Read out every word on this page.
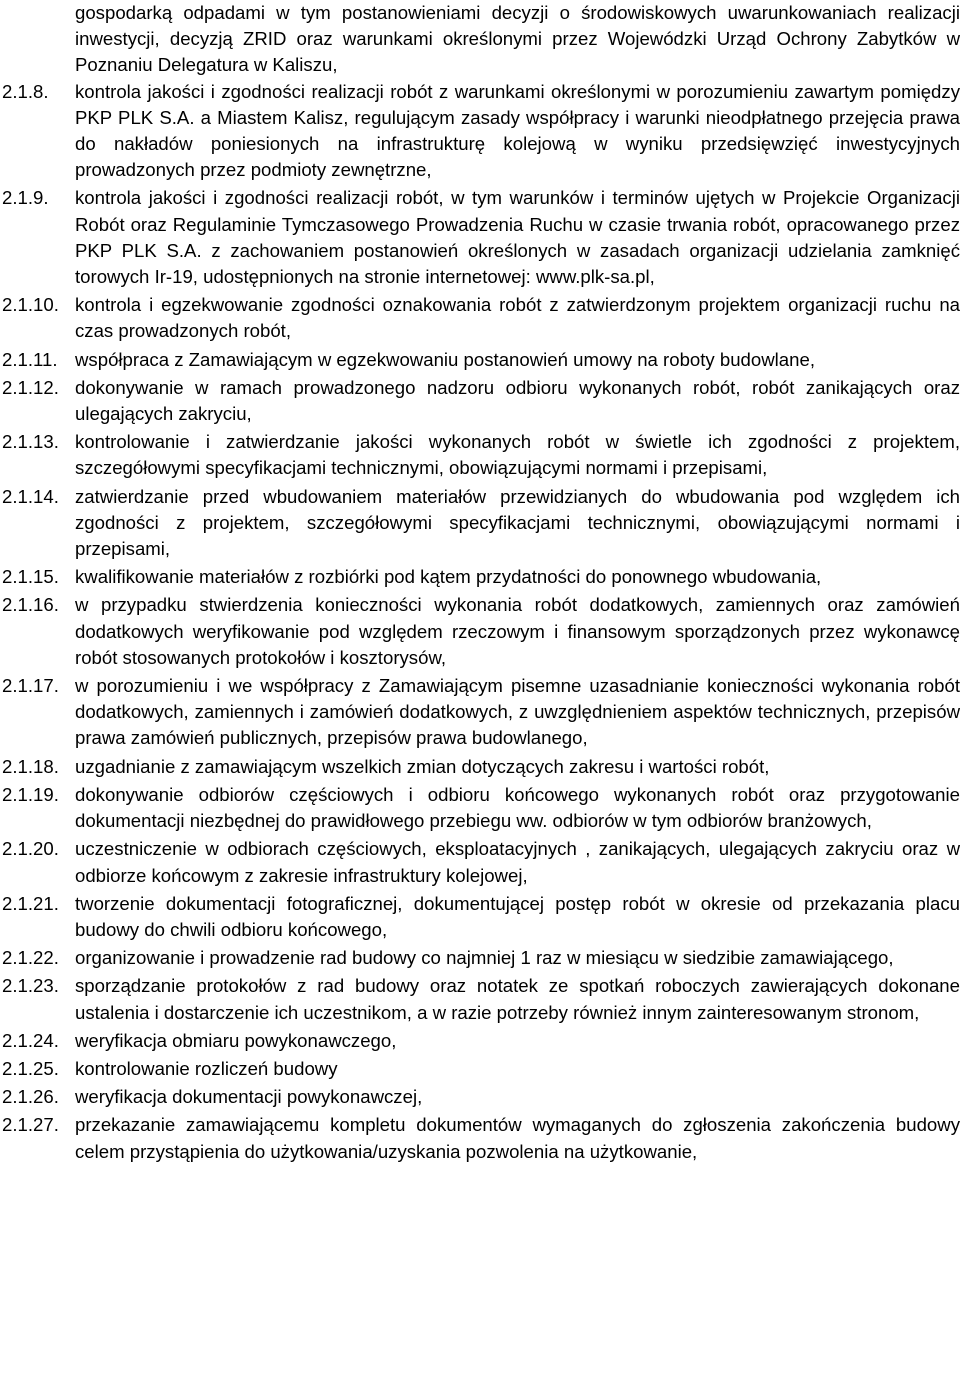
gospodarką odpadami w tym postanowieniami decyzji o środowiskowych uwarunkowaniach realizacji inwestycji, decyzją ZRID oraz warunkami określonymi przez Wojewódzki Urząd Ochrony Zabytków w Poznaniu Delegatura w Kaliszu,
2.1.8.	kontrola jakości i zgodności realizacji robót z warunkami określonymi w porozumieniu zawartym pomiędzy PKP PLK S.A. a Miastem Kalisz, regulującym zasady współpracy i warunki nieodpłatnego przejęcia prawa do nakładów poniesionych na infrastrukturę kolejową w wyniku przedsięwzięć inwestycyjnych prowadzonych przez podmioty zewnętrzne,
2.1.9.	kontrola jakości i zgodności realizacji robót, w tym warunków i terminów ujętych w Projekcie Organizacji Robót oraz Regulaminie Tymczasowego Prowadzenia Ruchu w czasie trwania robót, opracowanego przez PKP PLK S.A. z zachowaniem postanowień określonych w zasadach organizacji udzielania zamknięć torowych Ir-19, udostępnionych na stronie internetowej: www.plk-sa.pl,
2.1.10. kontrola i egzekwowanie zgodności oznakowania robót z zatwierdzonym projektem organizacji ruchu na czas prowadzonych robót,
2.1.11. współpraca z Zamawiającym w egzekwowaniu postanowień umowy na roboty budowlane,
2.1.12. dokonywanie w ramach prowadzonego nadzoru odbioru wykonanych robót, robót zanikających oraz ulegających zakryciu,
2.1.13. kontrolowanie i zatwierdzanie jakości wykonanych robót w świetle ich zgodności z projektem, szczegółowymi specyfikacjami technicznymi, obowiązującymi normami i przepisami,
2.1.14. zatwierdzanie przed wbudowaniem materiałów przewidzianych do wbudowania pod względem ich zgodności z projektem, szczegółowymi specyfikacjami technicznymi, obowiązującymi normami i przepisami,
2.1.15. kwalifikowanie materiałów z rozbiórki pod kątem przydatności do ponownego wbudowania,
2.1.16. w przypadku stwierdzenia konieczności wykonania robót dodatkowych, zamiennych oraz zamówień dodatkowych weryfikowanie pod względem rzeczowym i finansowym sporządzonych przez wykonawcę robót stosowanych protokołów i kosztorysów,
2.1.17. w porozumieniu i we współpracy z Zamawiającym pisemne uzasadnianie konieczności wykonania robót dodatkowych, zamiennych i zamówień dodatkowych, z uwzględnieniem aspektów technicznych, przepisów prawa zamówień publicznych, przepisów prawa budowlanego,
2.1.18. uzgadnianie z zamawiającym wszelkich zmian dotyczących zakresu i wartości robót,
2.1.19. dokonywanie odbiorów częściowych i odbioru końcowego wykonanych robót oraz przygotowanie dokumentacji niezbędnej do prawidłowego przebiegu ww. odbiorów w tym odbiorów branżowych,
2.1.20. uczestniczenie w odbiorach częściowych, eksploatacyjnych , zanikających, ulegających zakryciu oraz w odbiorze końcowym z zakresie infrastruktury kolejowej,
2.1.21. tworzenie dokumentacji fotograficznej, dokumentującej postęp robót w okresie od przekazania placu budowy do chwili odbioru końcowego,
2.1.22. organizowanie i prowadzenie rad budowy co najmniej 1 raz w miesiącu w siedzibie zamawiającego,
2.1.23. sporządzanie protokołów z rad budowy oraz notatek ze spotkań roboczych zawierających dokonane ustalenia i dostarczenie ich uczestnikom, a w razie potrzeby również innym zainteresowanym stronom,
2.1.24. weryfikacja obmiaru powykonawczego,
2.1.25. kontrolowanie rozliczeń budowy
2.1.26. weryfikacja dokumentacji powykonawczej,
2.1.27. przekazanie zamawiającemu kompletu dokumentów wymaganych do zgłoszenia zakończenia budowy celem przystąpienia do użytkowania/uzyskania pozwolenia na użytkowanie,
